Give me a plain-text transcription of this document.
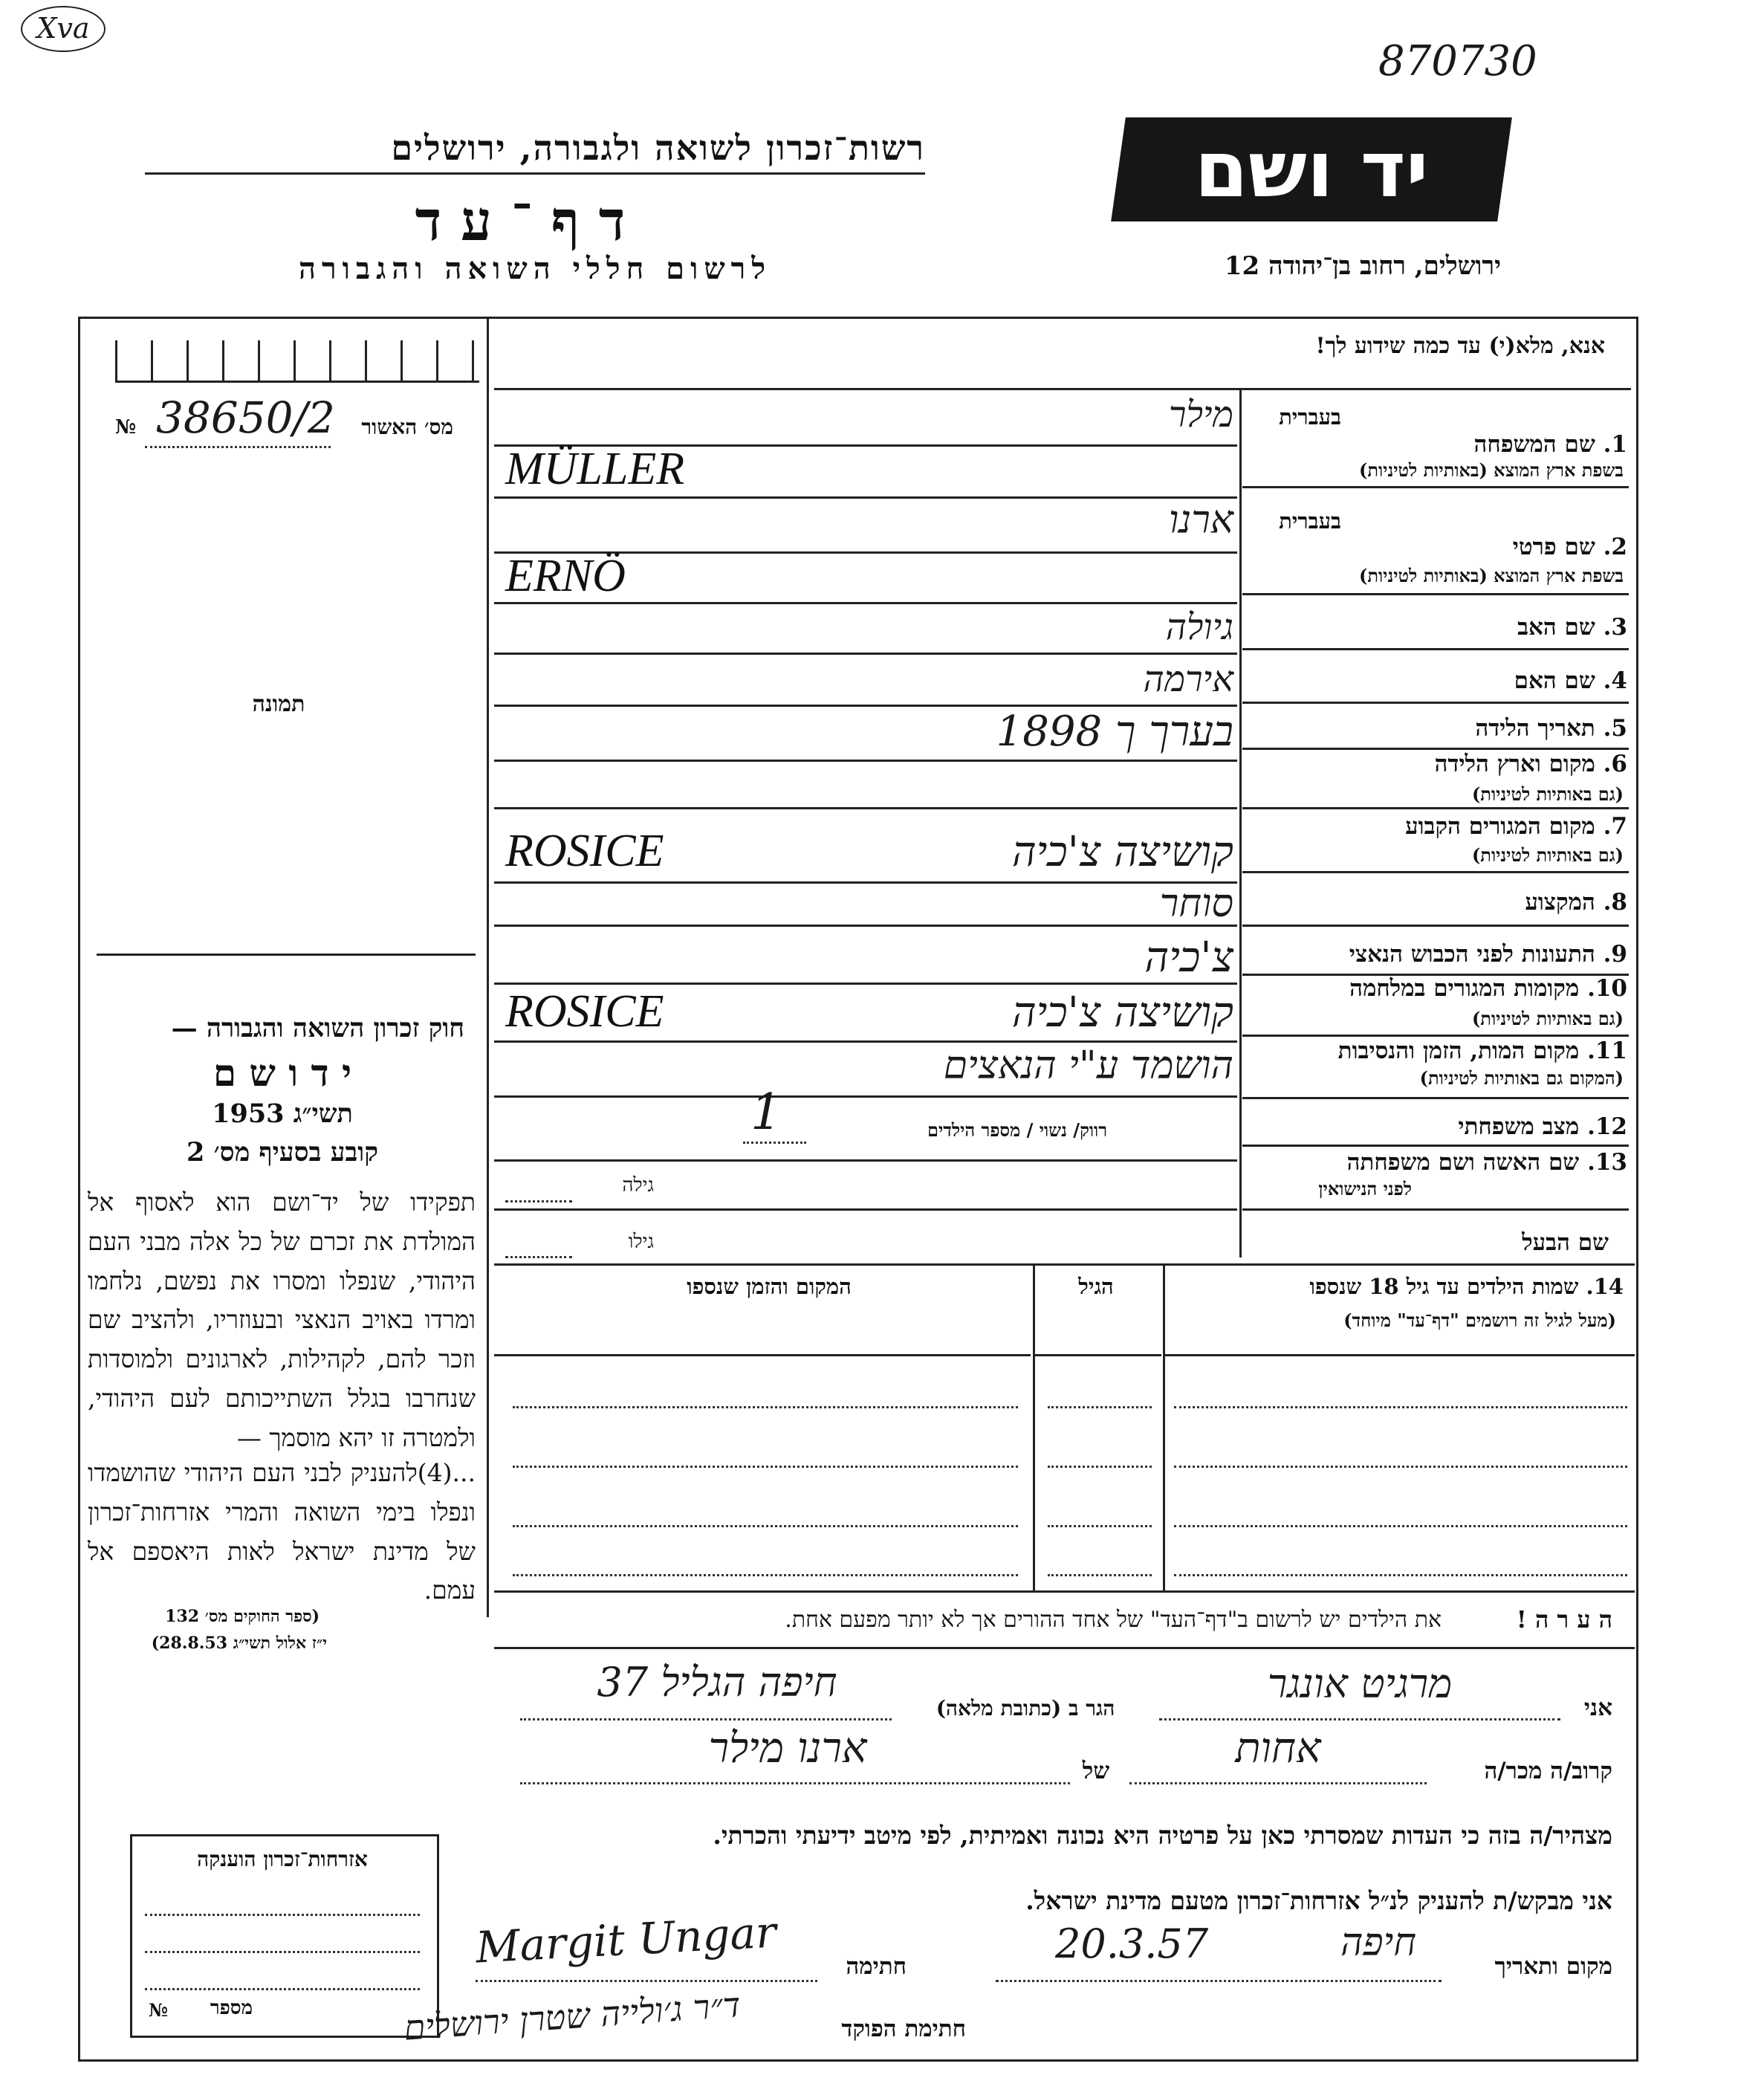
Xva
870730
יד ושם
רשות־זכרון לשואה ולגבורה, ירושלים
ד ף ־ ע ד
לרשום חללי השואה והגבורה	ירושלים, רחוב בן־יהודה 12
מס׳ האשור
№ 38650/2
תמונה
חוק זכרון השואה והגבורה —
י ד ו ש ם
תשי״ג 1953
קובע בסעיף מס׳ 2
תפקידו של יד־ושם הוא לאסוף אל המולדת את זכרם של כל אלה מבני העם היהודי, שנפלו ומסרו את נפשם, נלחמו ומרדו באויב הנאצי ובעוזריו, ולהציב שם וזכר להם, לקהילות, לארגונים ולמוסדות שנחרבו בגלל השתייכותם לעם היהודי, ולמטרה זו יהא מוסמך —
...(4)להעניק לבני העם היהודי שהושמדו ונפלו בימי השואה והמרי אזרחות־זכרון של מדינת ישראל לאות היאספם אל עמם.
(ספר החוקים מס׳ 132
י״ז אלול תשי״ג 28.8.53)
אזרחות־זכרון הוענקה
מספר
№
אנא, מלא(י) עד כמה שידוע לך!
בעברית
1. שם המשפחה
בשפת ארץ המוצא (באותיות לטיניות)
בעברית
2. שם פרטי
בשפת ארץ המוצא (באותיות לטיניות)
3. שם האב
4. שם האם
5. תאריך הלידה
6. מקום וארץ הלידה
(גם באותיות לטיניות)
7. מקום המגורים הקבוע
(גם באותיות לטיניות)
8. המקצוע
9. התעונות לפני הכבוש הנאצי
10. מקומות המגורים במלחמה
(גם באותיות לטיניות)
11. מקום המות, הזמן והנסיבות
(המקום גם באותיות לטיניות)
12. מצב משפחתי
13. שם האשה ושם משפחתה
לפני הנישואין
שם הבעל
מילר
MÜLLER
ארנו
ERNÖ
גיולה
אירמה
בערך ך 1898
קושיצה צ'כיה
ROSICE
סוחר
צ'כיה
קושיצה צ'כיה
ROSICE
הושמד ע"י הנאצים
רווק/ נשוי / מספר הילדים
1
גילה
גילו
14. שמות הילדים עד גיל 18 שנספו
(מעל לגיל זה רושמים "דף־עד" מיוחד)
הגיל
המקום והזמן שנספו
ה ע ר ה !
את הילדים יש לרשום ב"דף־העד" של אחד ההורים אך לא יותר מפעם אחת.
אני
מרגיט אונגר
הגר ב (כתובת מלאה)
חיפה הגליל 37
קרוב/ה מכר/ה
אחות
של
ארנו מילר
מצהיר/ה בזה כי העדות שמסרתי כאן על פרטיה היא נכונה ואמיתית, לפי מיטב ידיעתי והכרתי.
אני מבקש/ת להעניק לנ״ל אזרחות־זכרון מטעם מדינת ישראל.
מקום ותאריך
חיפה
20.3.57
חתימה
Margit Ungar
חתימת הפוקד
ד״ר ג׳ולייה שטרן ירושלים
